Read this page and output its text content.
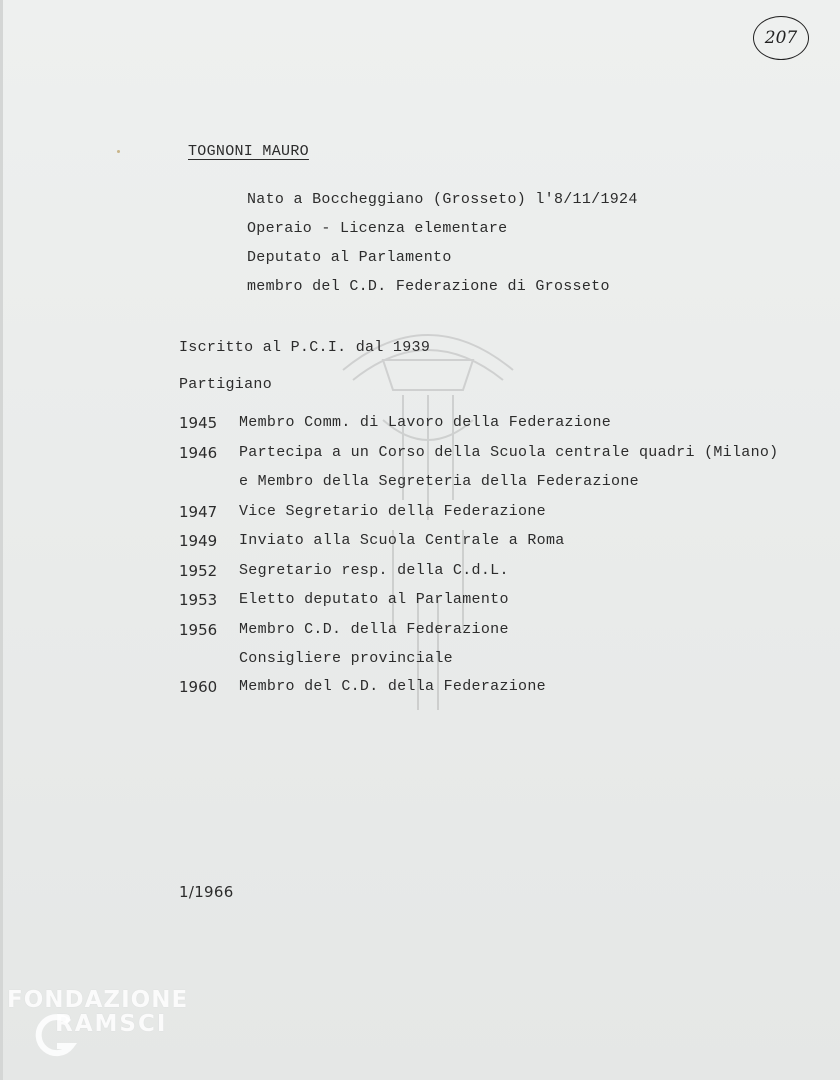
207
TOGNONI MAURO
Nato a Boccheggiano (Grosseto) l'8/11/1924
Operaio - Licenza elementare
Deputato al Parlamento
membro del C.D. Federazione di Grosseto
Iscritto al P.C.I. dal 1939
Partigiano
1945 Membro Comm. di Lavoro della Federazione
1946 Partecipa a un Corso della Scuola centrale quadri (Milano)
e Membro della Segreteria della Federazione
1947 Vice Segretario della Federazione
1949 Inviato alla Scuola Centrale a Roma
1952 Segretario resp. della C.d.L.
1953 Eletto deputato al Parlamento
1956 Membro C.D. della Federazione
Consigliere provinciale
1960 Membro del C.D. della Federazione
1/1966
FONDAZIONE
RAMSCI
